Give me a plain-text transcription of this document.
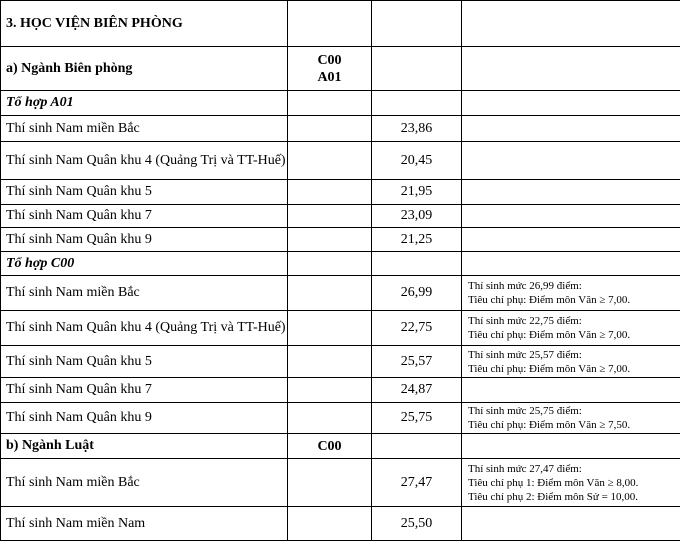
3. HỌC VIỆN BIÊN PHÒNG			
a) Ngành Biên phòng	C00
A01		

Tổ hợp A01			
Thí sinh Nam miền Bắc		23,86	
Thí sinh Nam Quân khu 4 (Quảng Trị và TT-Huế)		20,45	
Thí sinh Nam Quân khu 5		21,95	
Thí sinh Nam Quân khu 7		23,09	
Thí sinh Nam Quân khu 9		21,25	
Tổ hợp C00			
Thí sinh Nam miền Bắc		26,99	Thí sinh mức 26,99 điểm:
Tiêu chí phụ: Điểm môn Văn ≥ 7,00.

Thí sinh Nam Quân khu 4 (Quảng Trị và TT-Huế)		22,75	Thí sinh mức 22,75 điểm:
Tiêu chí phụ: Điểm môn Văn ≥ 7,00.

Thí sinh Nam Quân khu 5		25,57	Thí sinh mức 25,57 điểm:
Tiêu chí phụ: Điểm môn Văn ≥ 7,00.

Thí sinh Nam Quân khu 7		24,87	
Thí sinh Nam Quân khu 9		25,75	Thí sinh mức 25,75 điểm:
Tiêu chí phụ: Điểm môn Văn ≥ 7,50.

b) Ngành Luật	C00		
Thí sinh Nam miền Bắc		27,47	Thí sinh mức 27,47 điểm:
Tiêu chí phụ 1: Điểm môn Văn ≥ 8,00.
Tiêu chí phụ 2: Điểm môn Sử = 10,00.

Thí sinh Nam miền Nam		25,50	
